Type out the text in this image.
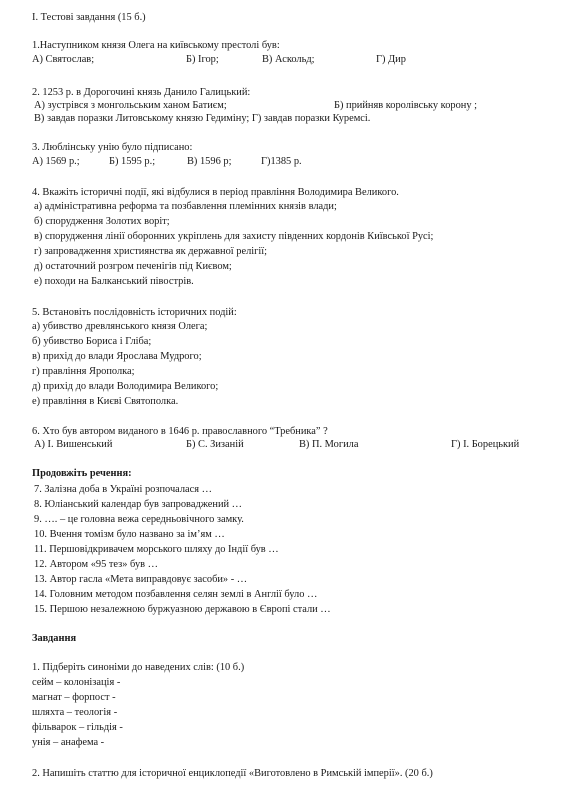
І. Тестові завдання (15 б.)
1.Наступником князя Олега на київському престолі був:
А) Святослав;	Б) Ігор;	В) Аскольд;	Г) Дир
2. 1253 р. в Дорогочині князь Данило Галицький:
А) зустрівся з монгольським ханом Батиєм;	Б) прийняв королівську корону ;
В) завдав поразки Литовському князю Гедиміну; Г) завдав поразки Куремсі.
3. Люблінську унію було підписано:
А) 1569 р.;	Б) 1595 р.;	В) 1596 р;	Г)1385 р.
4. Вкажіть історичні події, які відбулися в період правління Володимира Великого.
а) адміністративна реформа та позбавлення племінних князів влади;
б) спорудження Золотих воріт;
в) спорудження лінії оборонних укріплень для захисту південних кордонів Київської Русі;
г) запровадження християнства як державної релігії;
д) остаточний розгром печенігів під Києвом;
е) походи на Балканський півострів.
5. Встановіть послідовність історичних подій:
а) убивство древлянського князя Олега;
б) убивство Бориса і Гліба;
в) прихід до влади Ярослава Мудрого;
г) правління Ярополка;
д) прихід до влади Володимира Великого;
е) правління в Києві Святополка.
6. Хто був автором виданого в 1646 р. православного “Требника” ?
А) І. Вишенський	Б) С. Зизаній	В) П. Могила	Г) І. Борецький
Продовжіть речення:
7. Залізна доба в Україні розпочалася …
8. Юліанський календар був запроваджений …
9. …. – це головна вежа середньовічного замку.
10. Вчення томізм було названо за ім’ям …
11. Першовідкривачем морського шляху до Індії був …
12. Автором «95 тез» був …
13. Автор гасла «Мета виправдовує засоби» - …
14. Головним методом позбавлення селян землі в Англії було …
15. Першою незалежною буржуазною державою в Європі стали …
Завдання
1. Підберіть синоніми до наведених слів: (10 б.)
сейм – колонізація -
магнат – форпост -
шляхта – теологія -
фільварок – гільдія -
унія – анафема -
2. Напишіть статтю для історичної енциклопедії «Виготовлено в Римській імперії». (20 б.)
